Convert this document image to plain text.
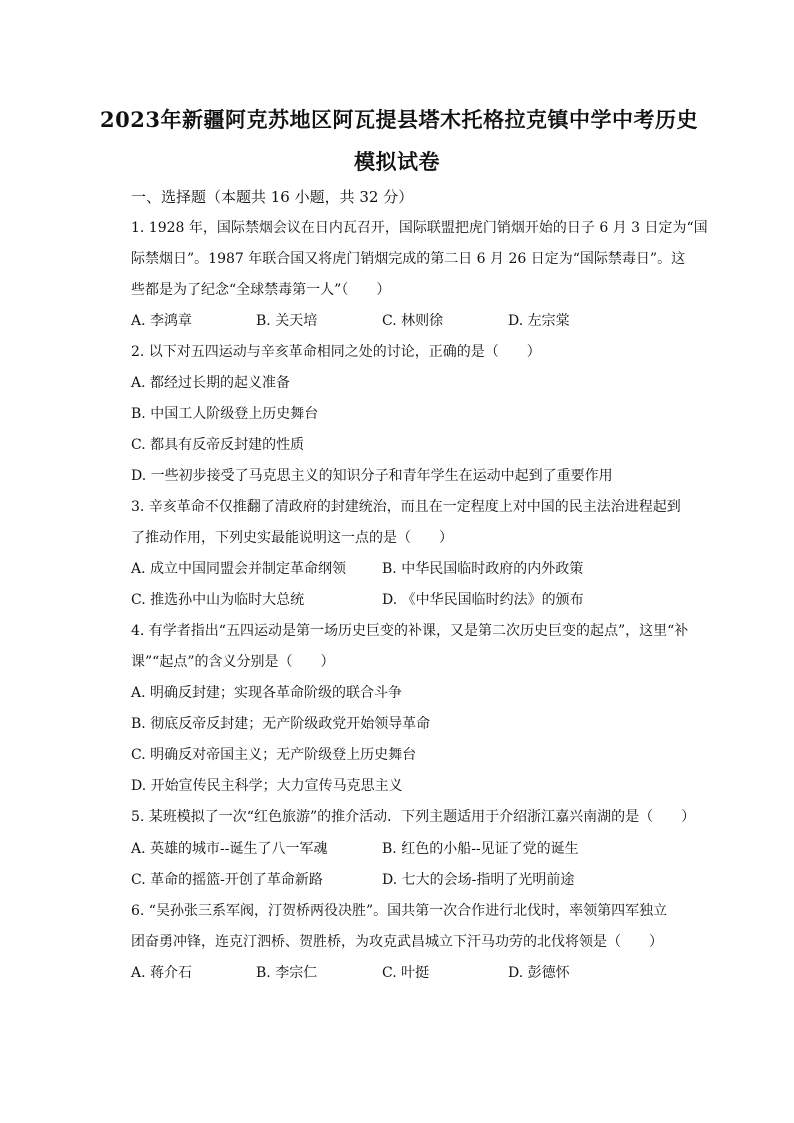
2023年新疆阿克苏地区阿瓦提县塔木托格拉克镇中学中考历史
模拟试卷
一、选择题（本题共 16 小题，共 32 分）
1. 1928 年，国际禁烟会议在日内瓦召开，国际联盟把虎门销烟开始的日子 6 月 3 日定为“国
际禁烟日”。1987 年联合国又将虎门销烟完成的第二日 6 月 26 日定为“国际禁毒日”。这
些都是为了纪念“全球禁毒第一人”（　　）
A. 李鸿章	B. 关天培	C. 林则徐	D. 左宗棠
2. 以下对五四运动与辛亥革命相同之处的讨论，正确的是（　　）
A. 都经过长期的起义准备
B. 中国工人阶级登上历史舞台
C. 都具有反帝反封建的性质
D. 一些初步接受了马克思主义的知识分子和青年学生在运动中起到了重要作用
3. 辛亥革命不仅推翻了清政府的封建统治，而且在一定程度上对中国的民主法治进程起到
了推动作用，下列史实最能说明这一点的是（　　）
A. 成立中国同盟会并制定革命纲领	B. 中华民国临时政府的内外政策
C. 推选孙中山为临时大总统	D. 《中华民国临时约法》的颁布
4. 有学者指出“五四运动是第一场历史巨变的补课，又是第二次历史巨变的起点”，这里“补
课”“起点”的含义分别是（　　）
A. 明确反封建；实现各革命阶级的联合斗争
B. 彻底反帝反封建；无产阶级政党开始领导革命
C. 明确反对帝国主义；无产阶级登上历史舞台
D. 开始宣传民主科学；大力宣传马克思主义
5. 某班模拟了一次“红色旅游”的推介活动．下列主题适用于介绍浙江嘉兴南湖的是（　　）
A. 英雄的城市--诞生了八一军魂	B. 红色的小船--见证了党的诞生
C. 革命的摇篮-开创了革命新路	D. 七大的会场-指明了光明前途
6. “吴孙张三系军阀，汀贺桥两役决胜”。国共第一次合作进行北伐时，率领第四军独立
团奋勇冲锋，连克汀泗桥、贺胜桥，为攻克武昌城立下汗马功劳的北伐将领是（　　）
A. 蒋介石	B. 李宗仁	C. 叶挺	D. 彭德怀
